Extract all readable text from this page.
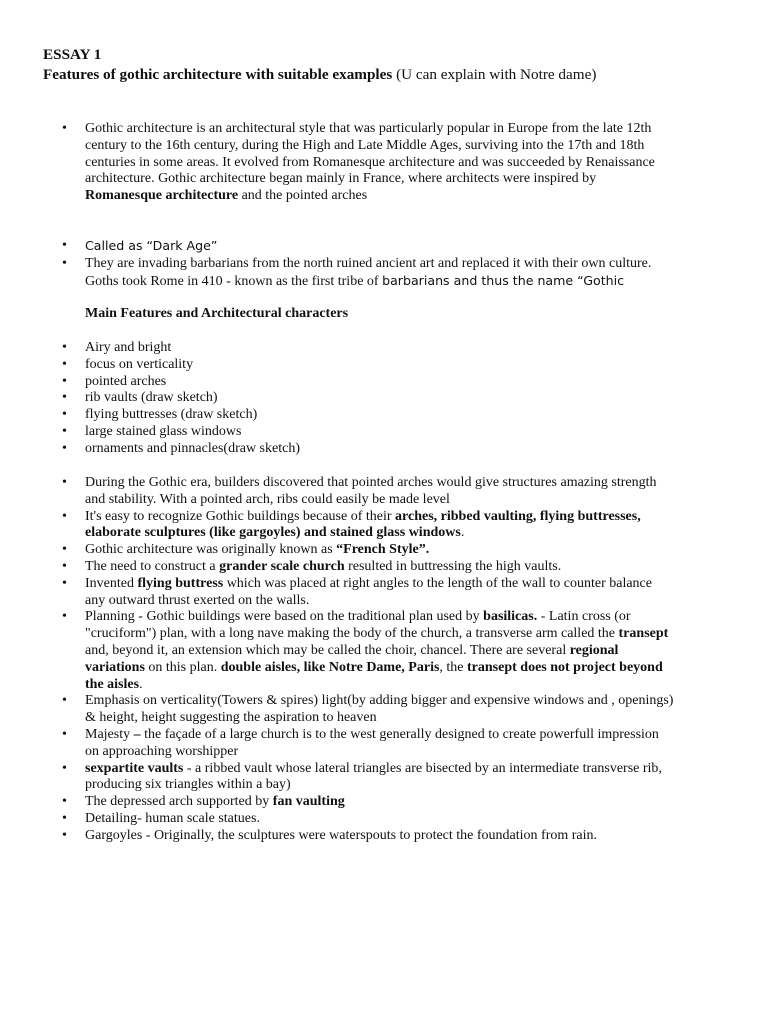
ESSAY 1
Features of gothic architecture with suitable examples (U can explain with Notre dame)
• Gothic architecture is an architectural style that was particularly popular in Europe from the late 12th century to the 16th century, during the High and Late Middle Ages, surviving into the 17th and 18th centuries in some areas. It evolved from Romanesque architecture and was succeeded by Renaissance architecture. Gothic architecture began mainly in France, where architects were inspired by Romanesque architecture and the pointed arches
• Called as “Dark Age”
• They are invading barbarians from the north ruined ancient art and replaced it with their own culture. Goths took Rome in 410 - known as the first tribe of barbarians and thus the name “Gothic
Main Features and Architectural characters
• Airy and bright
• focus on verticality
• pointed arches
• rib vaults (draw sketch)
• flying buttresses (draw sketch)
• large stained glass windows
• ornaments and pinnacles(draw sketch)
• During the Gothic era, builders discovered that pointed arches would give structures amazing strength and stability. With a pointed arch, ribs could easily be made level
• It's easy to recognize Gothic buildings because of their arches, ribbed vaulting, flying buttresses, elaborate sculptures (like gargoyles) and stained glass windows.
• Gothic architecture was originally known as “French Style”.
• The need to construct a grander scale church resulted in buttressing the high vaults.
• Invented flying buttress which was placed at right angles to the length of the wall to counter balance any outward thrust exerted on the walls.
• Planning - Gothic buildings were based on the traditional plan used by basilicas. - Latin cross (or "cruciform") plan, with a long nave making the body of the church, a transverse arm called the transept and, beyond it, an extension which may be called the choir, chancel. There are several regional variations on this plan. double aisles, like Notre Dame, Paris, the transept does not project beyond the aisles.
• Emphasis on verticality(Towers & spires) light(by adding bigger and expensive windows and , openings) & height, height suggesting the aspiration to heaven
• Majesty – the façade of a large church is to the west generally designed to create powerfull impression on approaching worshipper
• sexpartite vaults - a ribbed vault whose lateral triangles are bisected by an intermediate transverse rib, producing six triangles within a bay)
• The depressed arch supported by fan vaulting
• Detailing- human scale statues.
• Gargoyles - Originally, the sculptures were waterspouts to protect the foundation from rain.
